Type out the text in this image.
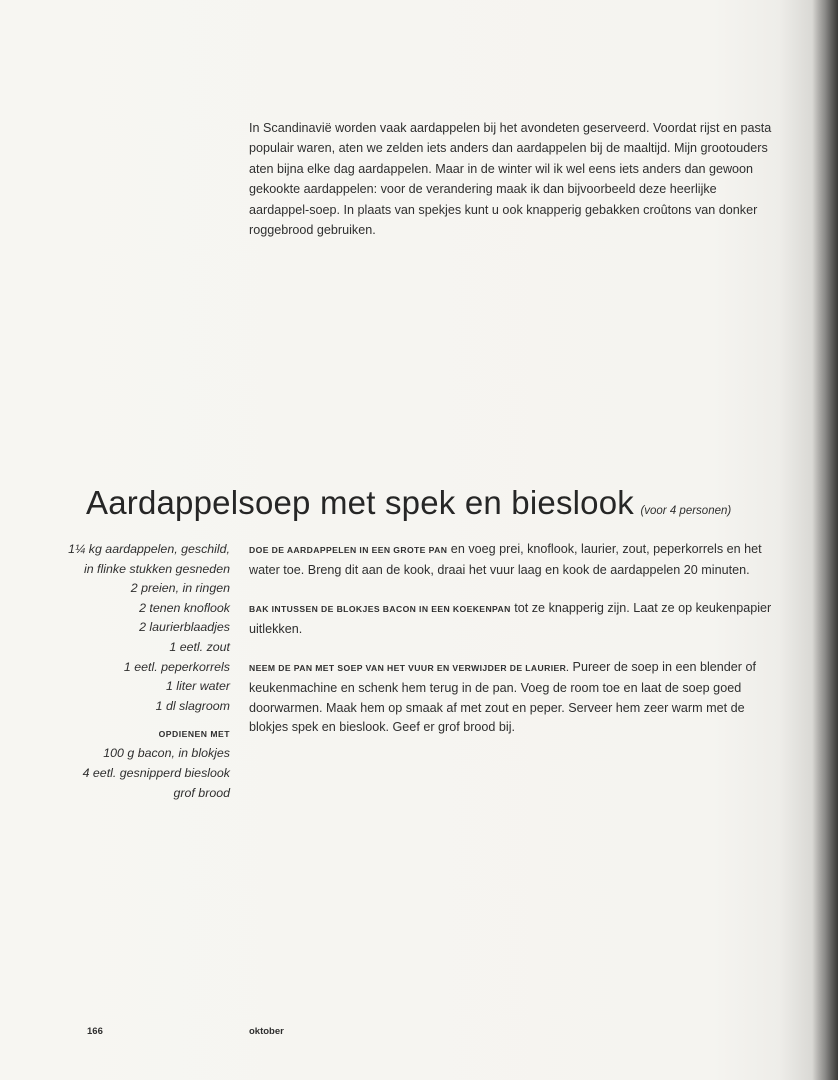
In Scandinavië worden vaak aardappelen bij het avondeten geserveerd. Voordat rijst en pasta populair waren, aten we zelden iets anders dan aardappelen bij de maaltijd. Mijn grootouders aten bijna elke dag aardappelen. Maar in de winter wil ik wel eens iets anders dan gewoon gekookte aardappelen: voor de verandering maak ik dan bijvoorbeeld deze heerlijke aardappel-soep. In plaats van spekjes kunt u ook knapperig gebakken croûtons van donker roggebrood gebruiken.
Aardappelsoep met spek en bieslook (voor 4 personen)
1¼ kg aardappelen, geschild,
in flinke stukken gesneden
2 preien, in ringen
2 tenen knoflook
2 laurierblaadjes
1 eetl. zout
1 eetl. peperkorrels
1 liter water
1 dl slagroom
OPDIENEN MET
100 g bacon, in blokjes
4 eetl. gesnipperd bieslook
grof brood

DOE DE AARDAPPELEN IN EEN GROTE PAN en voeg prei, knoflook, laurier, zout, peperkorrels en het water toe. Breng dit aan de kook, draai het vuur laag en kook de aardappelen 20 minuten.

BAK INTUSSEN DE BLOKJES BACON IN EEN KOEKENPAN tot ze knapperig zijn. Laat ze op keukenpapier uitlekken.

NEEM DE PAN MET SOEP VAN HET VUUR EN VERWIJDER DE LAURIER. Pureer de soep in een blender of keukenmachine en schenk hem terug in de pan. Voeg de room toe en laat de soep goed doorwarmen. Maak hem op smaak af met zout en peper. Serveer hem zeer warm met de blokjes spek en bieslook. Geef er grof brood bij.

166	oktober
